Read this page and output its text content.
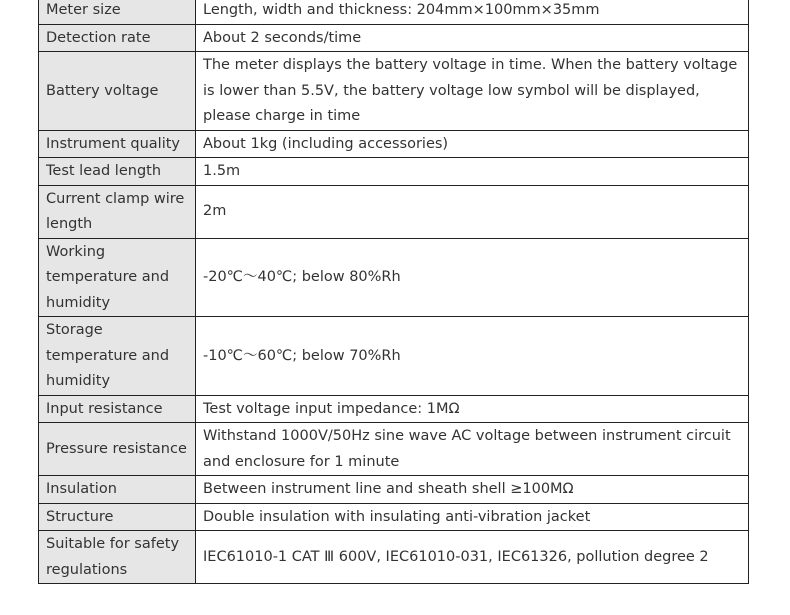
Meter size	Length, width and thickness: 204mm×100mm×35mm
Detection rate	About 2 seconds/time
Battery voltage	The meter displays the battery voltage in time. When the battery voltage is lower than 5.5V, the battery voltage low symbol will be displayed, please charge in time
Instrument quality	About 1kg (including accessories)
Test lead length	1.5m
Current clamp wire length	2m
Working temperature and humidity	-20℃～40℃; below 80%Rh
Storage temperature and humidity	-10℃～60℃; below 70%Rh
Input resistance	Test voltage input impedance: 1MΩ
Pressure resistance	Withstand 1000V/50Hz sine wave AC voltage between instrument circuit and enclosure for 1 minute
Insulation	Between instrument line and sheath shell ≥100MΩ
Structure	Double insulation with insulating anti-vibration jacket
Suitable for safety regulations	IEC61010-1 CAT Ⅲ 600V, IEC61010-031, IEC61326, pollution degree 2
